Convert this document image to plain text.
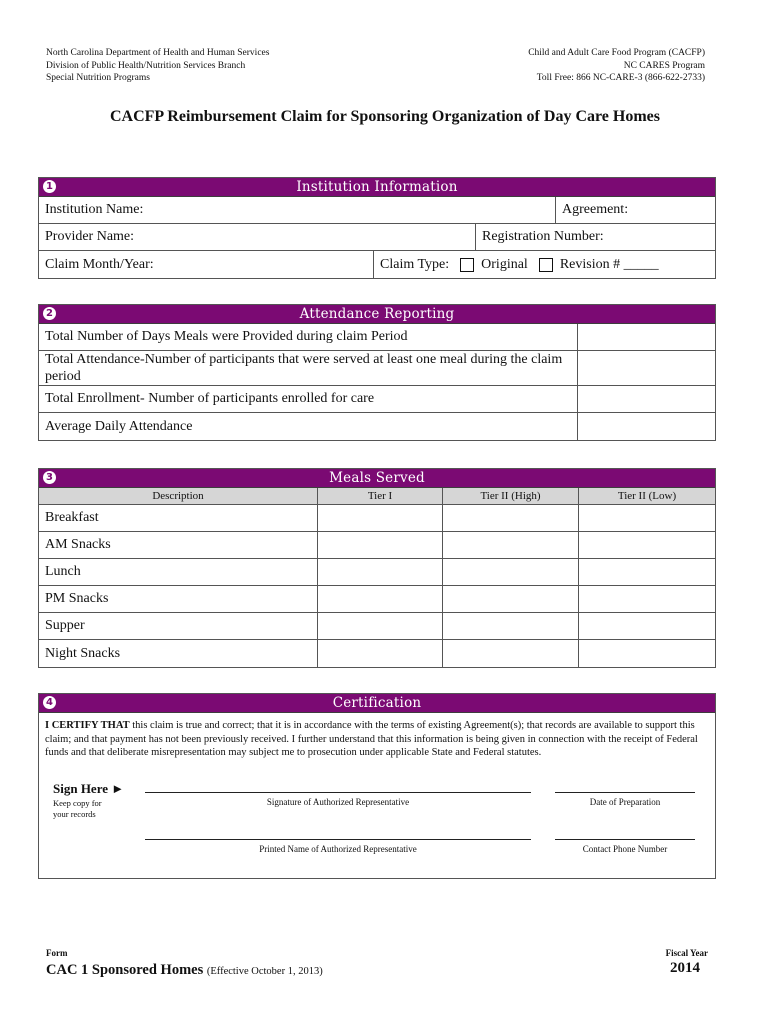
North Carolina Department of Health and Human Services
Division of Public Health/Nutrition Services Branch
Special Nutrition Programs
Child and Adult Care Food Program (CACFP)
NC CARES Program
Toll Free: 866 NC-CARE-3 (866-622-2733)
CACFP Reimbursement Claim for Sponsoring Organization of Day Care Homes
1	Institution Information
Institution Name:	Agreement:
Provider Name:	Registration Number:
Claim Month/Year:	Claim Type: Original Revision # _____
2	Attendance Reporting
Total Number of Days Meals were Provided during claim Period
Total Attendance-Number of participants that were served at least one meal during the claim period
Total Enrollment- Number of participants enrolled for care
Average Daily Attendance
3	Meals Served
Description	Tier I	Tier II (High)	Tier II (Low)
Breakfast
AM Snacks
Lunch
PM Snacks
Supper
Night Snacks
4	Certification
I CERTIFY THAT this claim is true and correct; that it is in accordance with the terms of existing Agreement(s); that records are available to support this claim; and that payment has not been previously received. I further understand that this information is being given in connection with the receipt of Federal funds and that deliberate misrepresentation may subject me to prosecution under applicable State and Federal statutes.
Sign Here ►
Keep copy for
your records
Signature of Authorized Representative	Date of Preparation
Printed Name of Authorized Representative	Contact Phone Number
Form
CAC 1 Sponsored Homes (Effective October 1, 2013)
Fiscal Year
2014
